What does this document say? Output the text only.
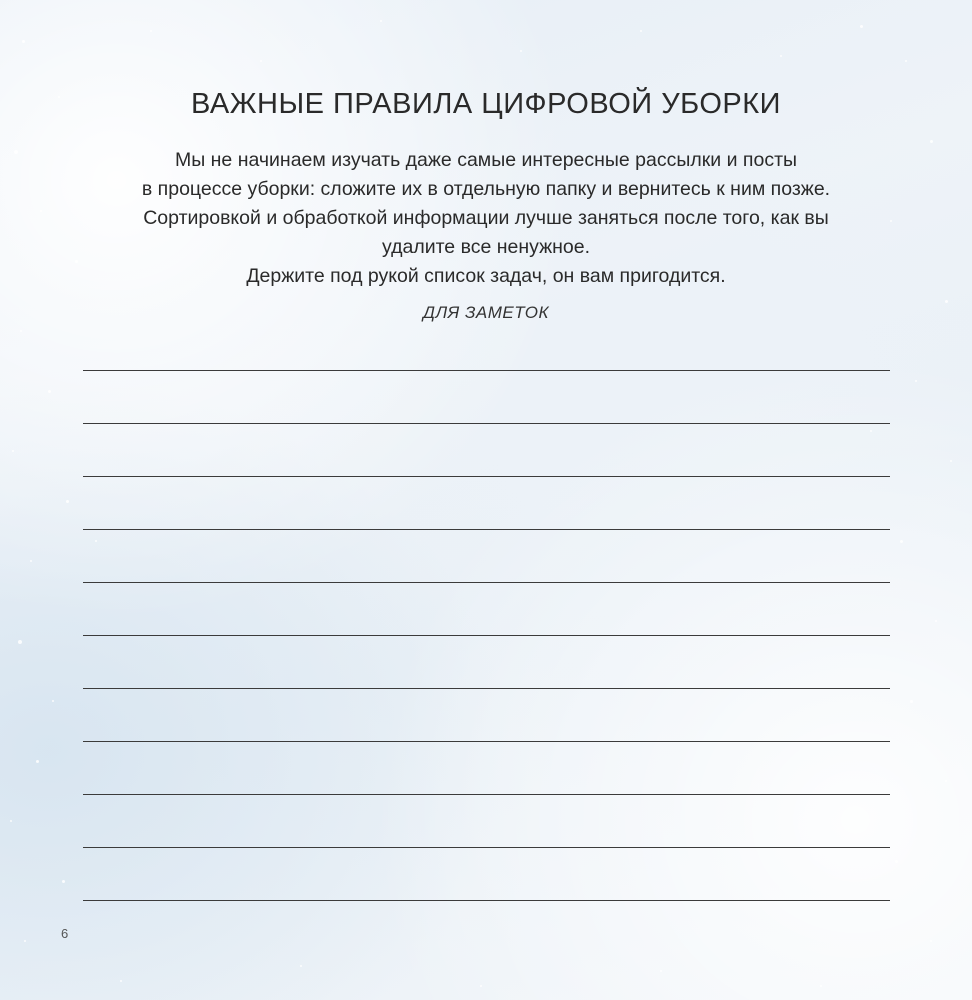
ВАЖНЫЕ ПРАВИЛА ЦИФРОВОЙ УБОРКИ
Мы не начинаем изучать даже самые интересные рассылки и посты
в процессе уборки: сложите их в отдельную папку и вернитесь к ним позже.
Сортировкой и обработкой информации лучше заняться после того, как вы
удалите все ненужное.
Держите под рукой список задач, он вам пригодится.
ДЛЯ ЗАМЕТОК
6
